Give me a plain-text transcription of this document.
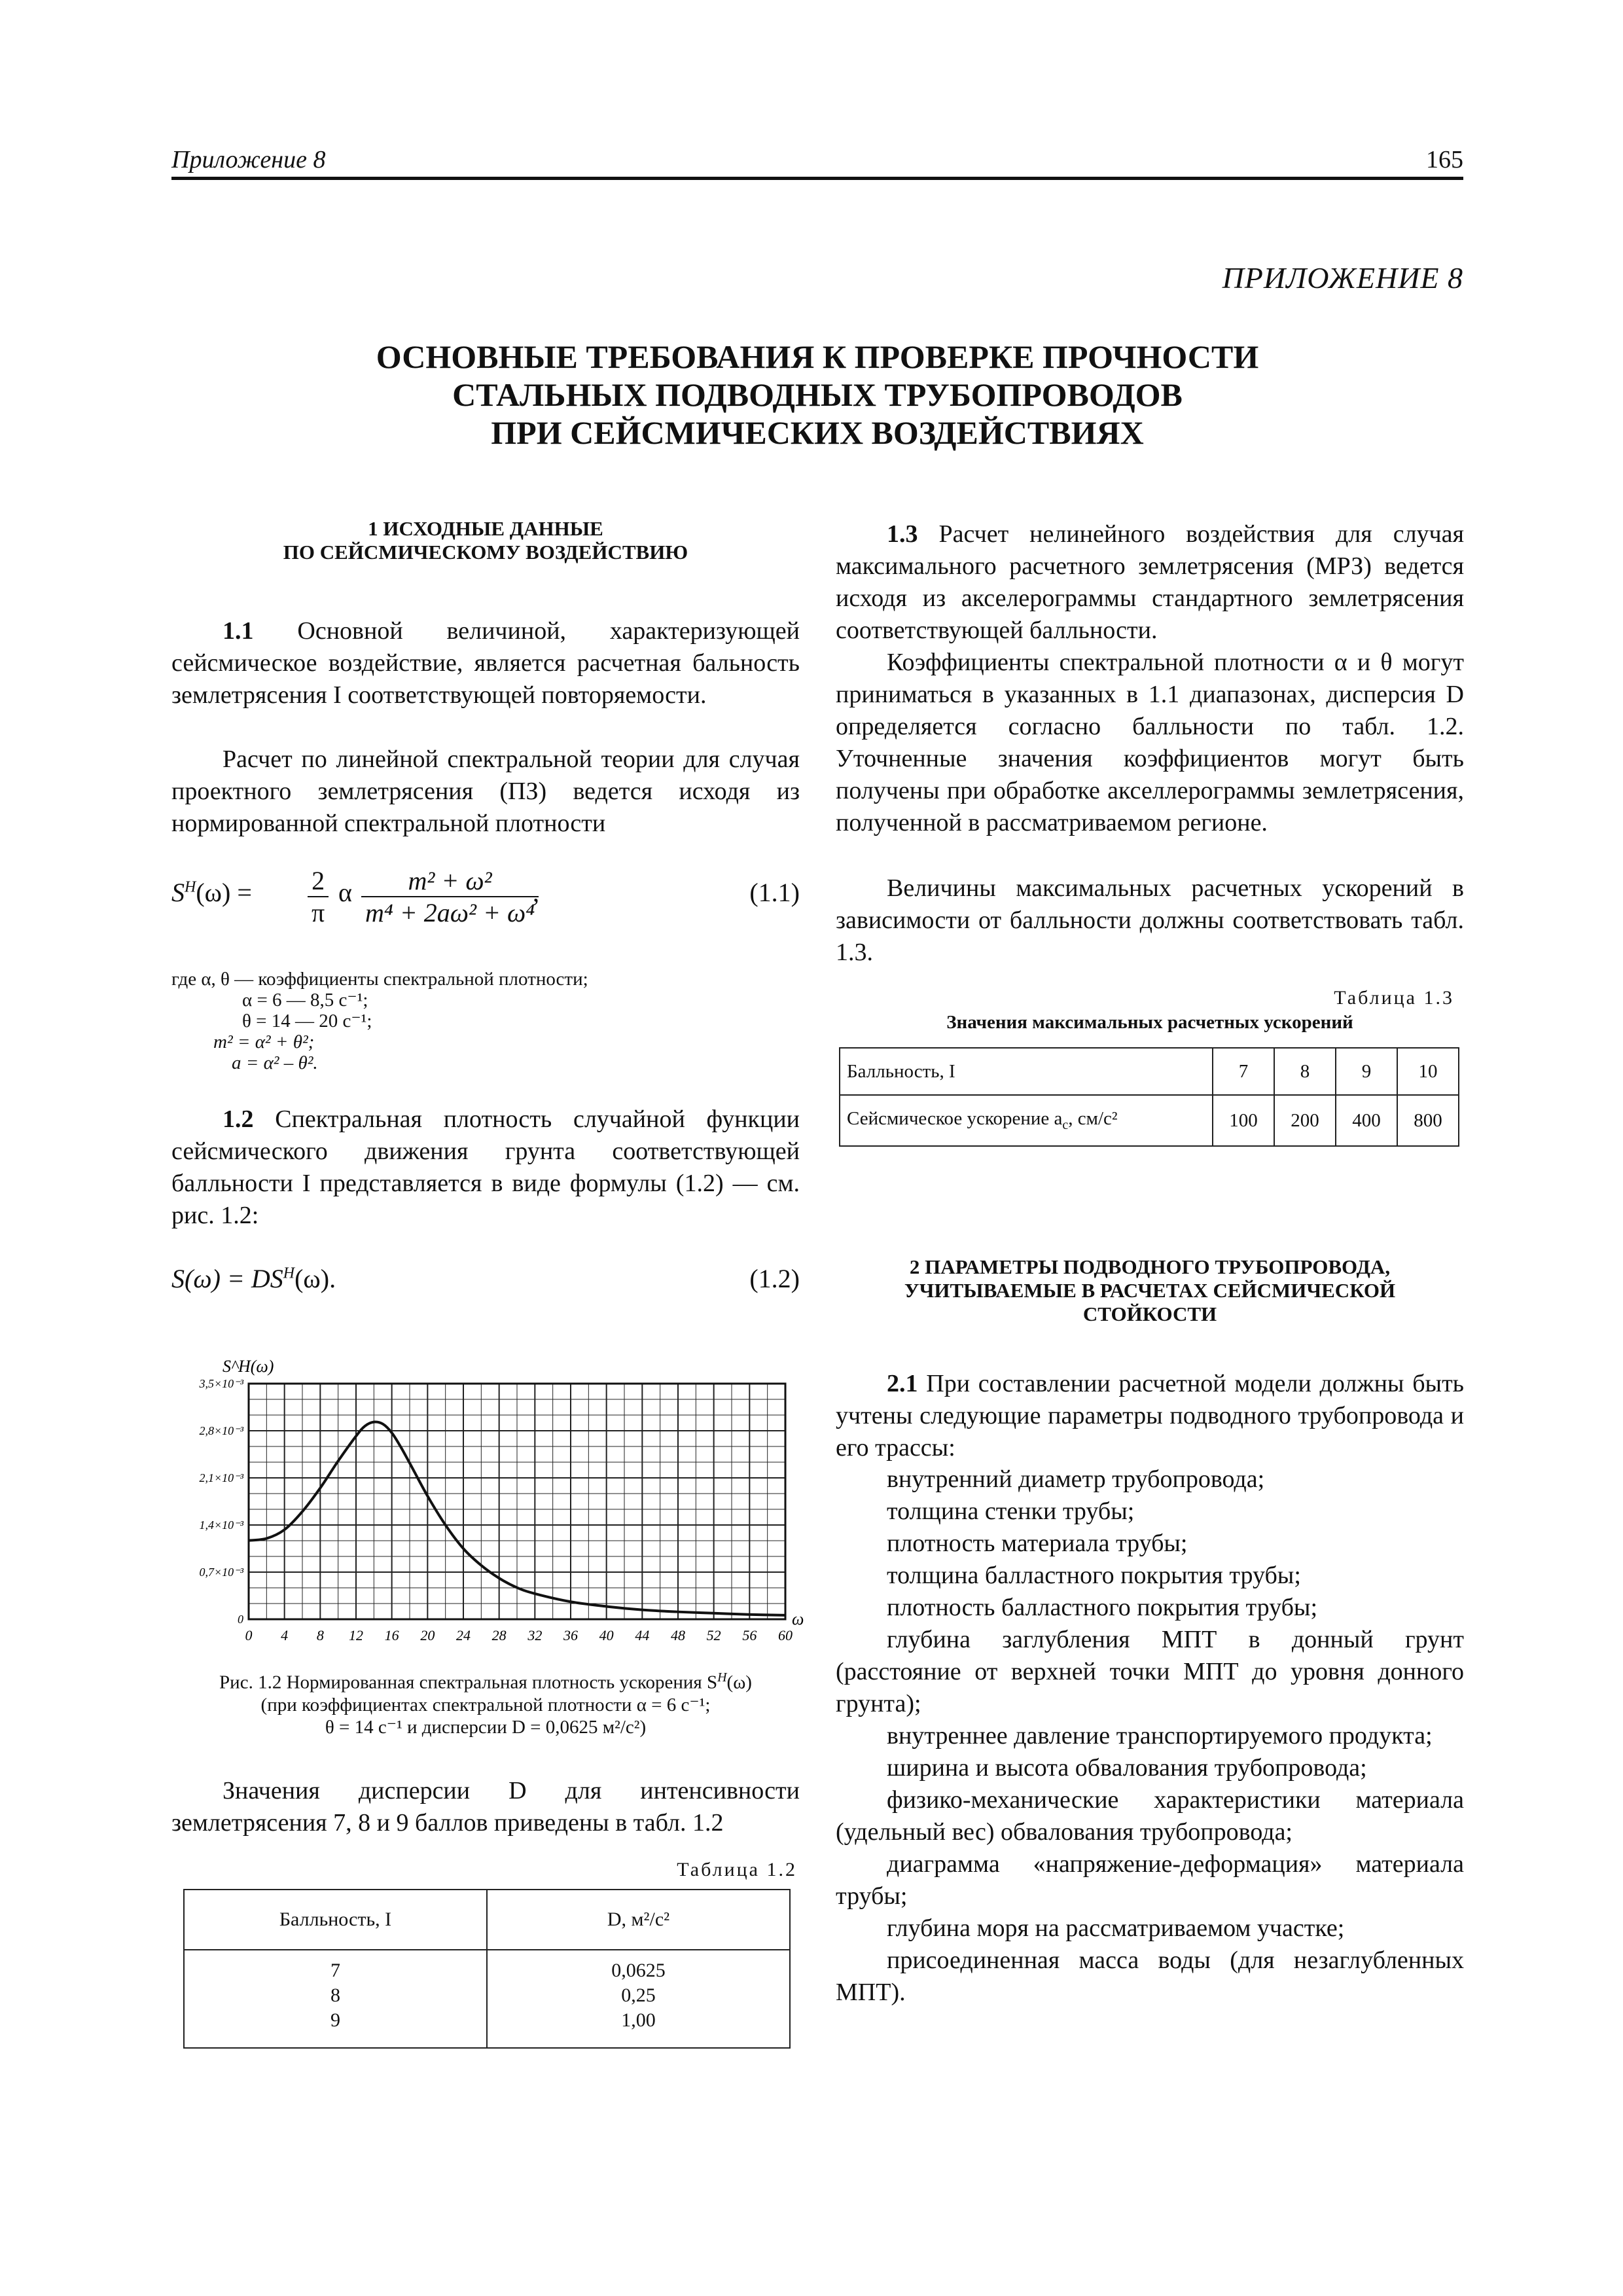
Приложение 8	165
ПРИЛОЖЕНИЕ 8
ОСНОВНЫЕ ТРЕБОВАНИЯ К ПРОВЕРКЕ ПРОЧНОСТИ
СТАЛЬНЫХ ПОДВОДНЫХ ТРУБОПРОВОДОВ
ПРИ СЕЙСМИЧЕСКИХ ВОЗДЕЙСТВИЯХ
1 ИСХОДНЫЕ ДАННЫЕ
ПО СЕЙСМИЧЕСКОМУ ВОЗДЕЙСТВИЮ

1.1 Основной величиной, характеризующей сейсмическое воздействие, является расчетная бальность землетрясения I соответствующей повторяемости.

Расчет по линейной спектральной теории для случая проектного землетрясения (ПЗ) ведется исходя из нормированной спектральной плотности

$S^H(\omega) = \frac{2}{\pi}$ α $\frac{\text{m² + ω²}}{\text{m⁴ + 2aω² + ω⁴}}$
,	(1.1)
где α, θ — коэффициенты спектральной плотности;
α = 6 — 8,5 с⁻¹;
θ = 14 — 20 с⁻¹;
m² = α² + θ²;
a = α² – θ².

1.2 Спектральная плотность случайной функции сейсмического движения грунта соответствующей балльности I представляется в виде формулы (1.2) — см. рис. 1.2:

$S(\omega) = DS^H(\omega)$.	(1.2)
0 4 8 12 16 20 24 28 32 36 40 44 48 52 56 60
0
0,7×10⁻³
1,4×10⁻³
2,1×10⁻³
2,8×10⁻³
3,5×10⁻³
S^H(ω)
ω
Рис. 1.2 Нормированная спектральная плотность ускорения $S^H(\omega)$
(при коэффициентах спектральной плотности α = 6 с⁻¹;
θ = 14 с⁻¹ и дисперсии D = 0,0625 м²/с²)

Значения дисперсии D для интенсивности землетрясения 7, 8 и 9 баллов приведены в табл. 1.2

Таблица 1.2
Балльность, I	D, м²/с²
7	0,0625
8	0,25
9	1,00

1.3 Расчет нелинейного воздействия для случая максимального расчетного землетрясения (МРЗ) ведется исходя из акселерограммы стандартного землетрясения соответствующей балльности.

Коэффициенты спектральной плотности α и θ могут приниматься в указанных в 1.1 диапазонах, дисперсия D определяется согласно балльности по табл. 1.2. Уточненные значения коэффициентов могут быть получены при обработке акселлерограммы землетрясения, полученной в рассматриваемом регионе.

Величины максимальных расчетных ускорений в зависимости от балльности должны соответствовать табл. 1.3.

Таблица 1.3
Значения максимальных расчетных ускорений
Балльность, I	7	8	9	10
Сейсмическое ускорение $a_c$, см/с²	100	200	400	800
2 ПАРАМЕТРЫ ПОДВОДНОГО ТРУБОПРОВОДА,
УЧИТЫВАЕМЫЕ В РАСЧЕТАХ СЕЙСМИЧЕСКОЙ
СТОЙКОСТИ

2.1 При составлении расчетной модели должны быть учтены следующие параметры подводного трубопровода и его трассы:

внутренний диаметр трубопровода;

толщина стенки трубы;

плотность материала трубы;

толщина балластного покрытия трубы;

плотность балластного покрытия трубы;

глубина заглубления МПТ в донный грунт (расстояние от верхней точки МПТ до уровня донного грунта);

внутреннее давление транспортируемого продукта;

ширина и высота обвалования трубопровода;

физико-механические характеристики материала (удельный вес) обвалования трубопровода;

диаграмма «напряжение-деформация» материала трубы;

глубина моря на рассматриваемом участке;

присоединенная масса воды (для незаглубленных МПТ).
